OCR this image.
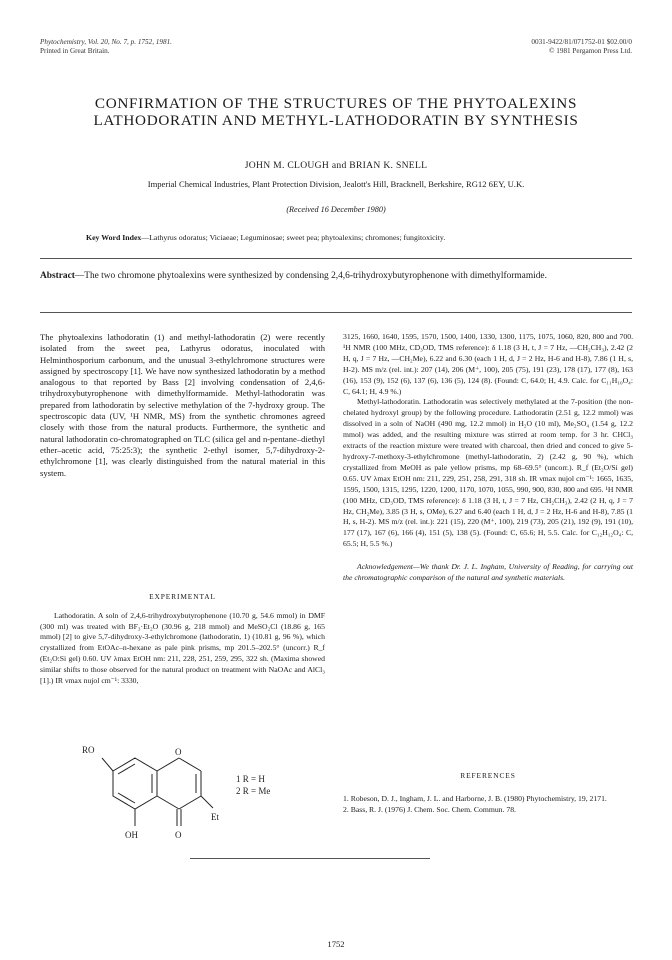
Phytochemistry, Vol. 20, No. 7, p. 1752, 1981.
Printed in Great Britain.
0031-9422/81/071752-01 $02.00/0
© 1981 Pergamon Press Ltd.
CONFIRMATION OF THE STRUCTURES OF THE PHYTOALEXINS
LATHODORATIN AND METHYL-LATHODORATIN BY SYNTHESIS
JOHN M. CLOUGH and BRIAN K. SNELL
Imperial Chemical Industries, Plant Protection Division, Jealott's Hill, Bracknell, Berkshire, RG12 6EY, U.K.
(Received 16 December 1980)
Key Word Index—Lathyrus odoratus; Viciaeae; Leguminosae; sweet pea; phytoalexins; chromones; fungitoxicity.
Abstract—The two chromone phytoalexins were synthesized by condensing 2,4,6-trihydroxybutyrophenone with dimethylformamide.
The phytoalexins lathodoratin (1) and methyl-lathodoratin (2) were recently isolated from the sweet pea, Lathyrus odoratus, inoculated with Helminthosporium carbonum, and the unusual 3-ethylchromone structures were assigned by spectroscopy [1]. We have now synthesized lathodoratin by a method analogous to that reported by Bass [2] involving condensation of 2,4,6-trihydroxybutyrophenone with dimethylformamide. Methyl-lathodoratin was prepared from lathodoratin by selective methylation of the 7-hydroxy group. The spectroscopic data (UV, ¹H NMR, MS) from the synthetic chromones agreed closely with those from the natural products. Furthermore, the synthetic and natural lathodoratin co-chromatographed on TLC (silica gel and n-pentane–diethyl ether–acetic acid, 75:25:3); the synthetic 2-ethyl isomer, 5,7-dihydroxy-2-ethylchromone [1], was clearly distinguished from the natural material in this system.

EXPERIMENTAL

Lathodoratin. A soln of 2,4,6-trihydroxybutyrophenone (10.70 g, 54.6 mmol) in DMF (300 ml) was treated with BF₃·Et₂O (30.96 g, 218 mmol) and MeSO₂Cl (18.86 g, 165 mmol) [2] to give 5,7-dihydroxy-3-ethylchromone (lathodoratin, 1) (10.81 g, 96 %), which crystallized from EtOAc–n-hexane as pale pink prisms, mp 201.5–202.5° (uncorr.) R_f (Et₂O:Si gel) 0.60. UV λmax EtOH nm: 211, 228, 251, 259, 295, 322 sh. (Maxima showed similar shifts to those observed for the natural product on treatment with NaOAc and AlCl₃ [1].) IR νmax nujol cm⁻¹: 3330,

RO	O
OH	O
Et
1 R = H
2 R = Me

3125, 1660, 1640, 1595, 1570, 1500, 1400, 1330, 1300, 1175, 1075, 1060, 820, 800 and 700. ¹H NMR (100 MHz, CD₃OD, TMS reference): δ 1.18 (3 H, t, J = 7 Hz, —CH₂CH₃), 2.42 (2 H, q, J = 7 Hz, —CH₂Me), 6.22 and 6.30 (each 1 H, d, J = 2 Hz, H-6 and H-8), 7.86 (1 H, s, H-2). MS m/z (rel. int.): 207 (14), 206 (M⁺, 100), 205 (75), 191 (23), 178 (17), 177 (8), 163 (16), 153 (9), 152 (6), 137 (6), 136 (5), 124 (8). (Found: C, 64.0; H, 4.9. Calc. for C₁₁H₁₀O₄: C, 64.1; H, 4.9 %.)

Methyl-lathodoratin. Lathodoratin was selectively methylated at the 7-position (the non-chelated hydroxyl group) by the following procedure. Lathodoratin (2.51 g, 12.2 mmol) was dissolved in a soln of NaOH (490 mg, 12.2 mmol) in H₂O (10 ml), Me₂SO₄ (1.54 g, 12.2 mmol) was added, and the resulting mixture was stirred at room temp. for 3 hr. CHCl₃ extracts of the reaction mixture were treated with charcoal, then dried and conced to give 5-hydroxy-7-methoxy-3-ethylchromone (methyl-lathodoratin, 2) (2.42 g, 90 %), which crystallized from MeOH as pale yellow prisms, mp 68–69.5° (uncorr.). R_f (Et₂O/Si gel) 0.65. UV λmax EtOH nm: 211, 229, 251, 258, 291, 318 sh. IR νmax nujol cm⁻¹: 1665, 1635, 1595, 1500, 1315, 1295, 1220, 1200, 1170, 1070, 1055, 990, 900, 830, 800 and 695. ¹H NMR (100 MHz, CD₃OD, TMS reference): δ 1.18 (3 H, t, J = 7 Hz, CH₂CH₃), 2.42 (2 H, q, J = 7 Hz, CH₂Me), 3.85 (3 H, s, OMe), 6.27 and 6.40 (each 1 H, d, J = 2 Hz, H-6 and H-8), 7.85 (1 H, s, H-2). MS m/z (rel. int.): 221 (15), 220 (M⁺, 100), 219 (73), 205 (21), 192 (9), 191 (10), 177 (17), 167 (6), 166 (4), 151 (5), 138 (5). (Found: C, 65.6; H, 5.5. Calc. for C₁₂H₁₂O₄: C, 65.5; H, 5.5 %.)

Acknowledgement—We thank Dr. J. L. Ingham, University of Reading, for carrying out the chromatographic comparison of the natural and synthetic materials.

REFERENCES
1. Robeson, D. J., Ingham, J. L. and Harborne, J. B. (1980) Phytochemistry, 19, 2171.
2. Bass, R. J. (1976) J. Chem. Soc. Chem. Commun. 78.
1752
